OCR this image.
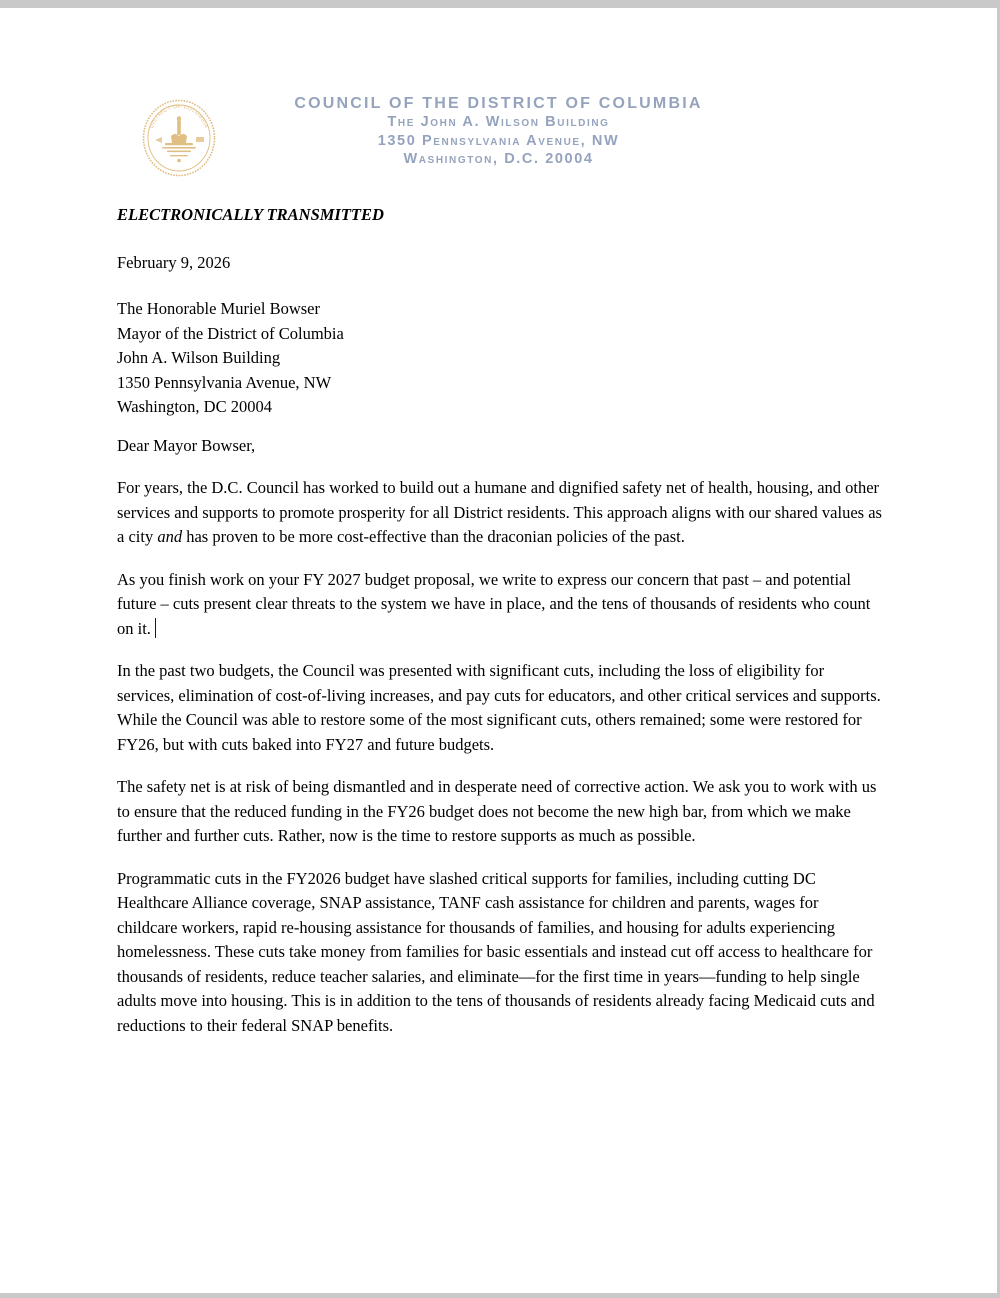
DISTRICT OF COLUMBIA
COUNCIL OF THE DISTRICT OF COLUMBIA
The John A. Wilson Building
1350 Pennsylvania Avenue, NW
Washington, D.C. 20004

ELECTRONICALLY TRANSMITTED

February 9, 2026

The Honorable Muriel Bowser
Mayor of the District of Columbia
John A. Wilson Building
1350 Pennsylvania Avenue, NW
Washington, DC 20004

Dear Mayor Bowser,

For years, the D.C. Council has worked to build out a humane and dignified safety net of health, housing, and other services and supports to promote prosperity for all District residents. This approach aligns with our shared values as a city and has proven to be more cost-effective than the draconian policies of the past.

As you finish work on your FY 2027 budget proposal, we write to express our concern that past – and potential future – cuts present clear threats to the system we have in place, and the tens of thousands of residents who count on it.

In the past two budgets, the Council was presented with significant cuts, including the loss of eligibility for services, elimination of cost-of-living increases, and pay cuts for educators, and other critical services and supports. While the Council was able to restore some of the most significant cuts, others remained; some were restored for FY26, but with cuts baked into FY27 and future budgets.

The safety net is at risk of being dismantled and in desperate need of corrective action. We ask you to work with us to ensure that the reduced funding in the FY26 budget does not become the new high bar, from which we make further and further cuts. Rather, now is the time to restore supports as much as possible.

Programmatic cuts in the FY2026 budget have slashed critical supports for families, including cutting DC Healthcare Alliance coverage, SNAP assistance, TANF cash assistance for children and parents, wages for childcare workers, rapid re-housing assistance for thousands of families, and housing for adults experiencing homelessness. These cuts take money from families for basic essentials and instead cut off access to healthcare for thousands of residents, reduce teacher salaries, and eliminate—for the first time in years—funding to help single adults move into housing. This is in addition to the tens of thousands of residents already facing Medicaid cuts and reductions to their federal SNAP benefits.
